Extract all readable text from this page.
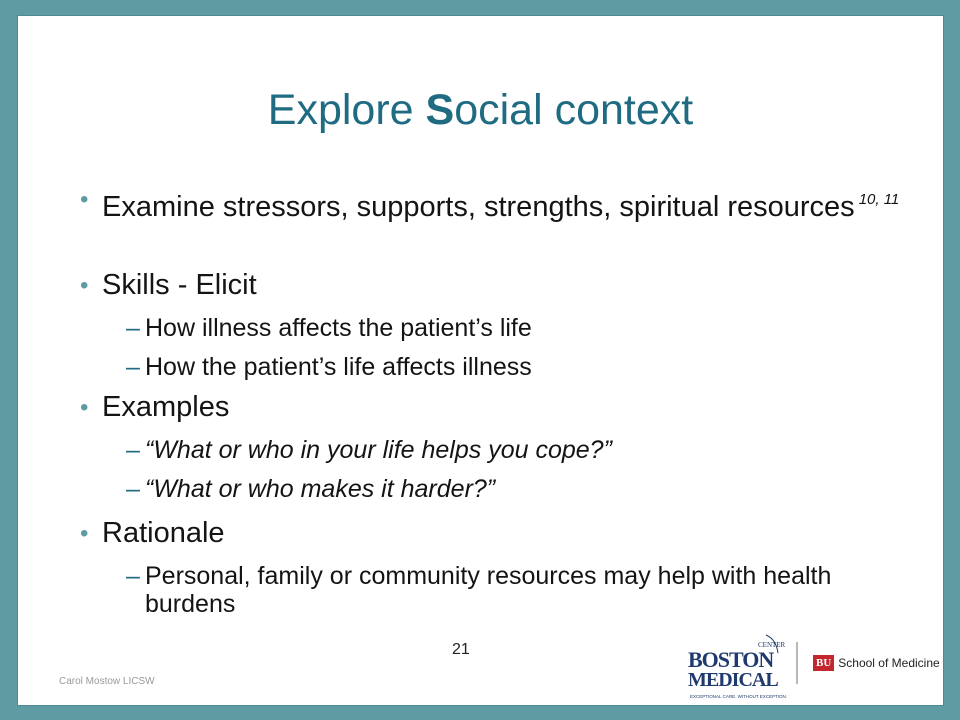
Explore Social context
• Examine stressors, supports, strengths, spiritual resources $^{10, 11}$
• Skills - Elicit
– How illness affects the patient’s life
– How the patient’s life affects illness
• Examples
– “What or who in your life helps you cope?”
– “What or who makes it harder?”
• Rationale
– Personal, family or community resources may help with health burdens
21
Carol Mostow LICSW
CENTER
BOSTON
MEDICAL
EXCEPTIONAL CARE. WITHOUT EXCEPTION.
BU School of Medicine
